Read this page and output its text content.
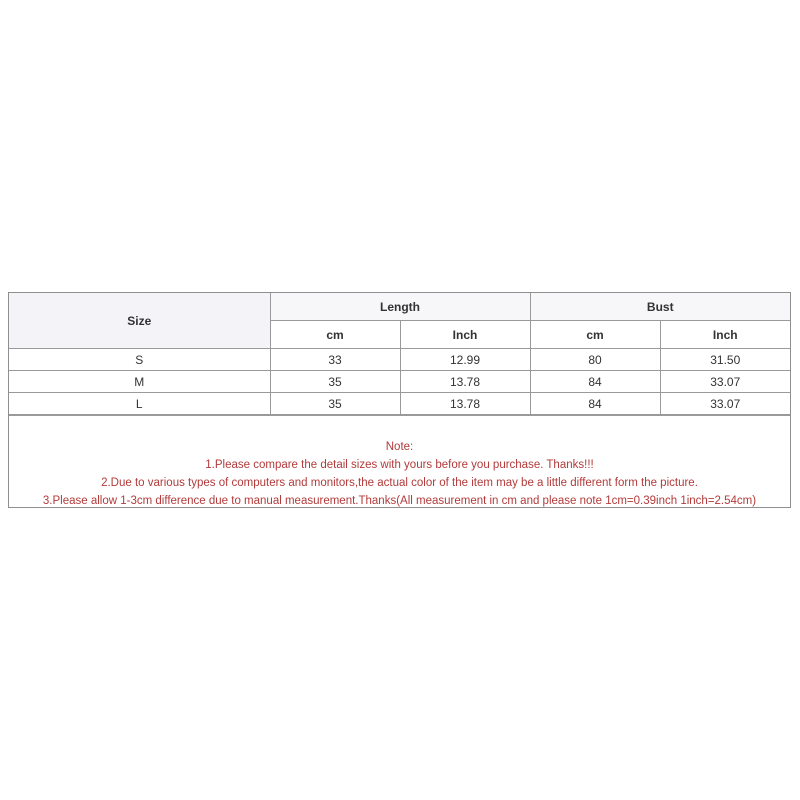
Size	Length		Bust	
	cm	Inch	cm	Inch
S	33	12.99	80	31.50
M	35	13.78	84	33.07
L	35	13.78	84	33.07
Note:
1.Please compare the detail sizes with yours before you purchase. Thanks!!!
2.Due to various types of computers and monitors,the actual color of the item may be a little different form the picture.
3.Please allow 1-3cm difference due to manual measurement.Thanks(All measurement in cm and please note 1cm=0.39inch 1inch=2.54cm)
